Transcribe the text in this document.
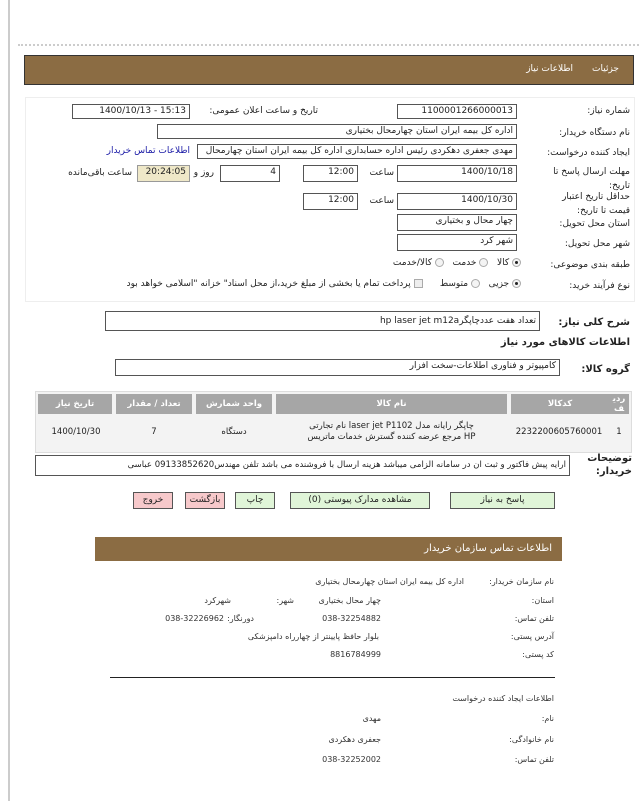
جزئیات
اطلاعات نیاز
شماره نیاز:
1100001266000013
تاریخ و ساعت اعلان عمومی:
1400/10/13 - 15:13
نام دستگاه خریدار:
اداره کل بیمه ایران استان چهارمحال بختیاری
ایجاد کننده درخواست:
مهدی جعفری دهکردی رئیس اداره حسابداری اداره کل بیمه ایران استان چهارمحال
اطلاعات تماس خریدار
مهلت ارسال پاسخ تا تاریخ:
1400/10/18
ساعت
12:00
4
روز و
20:24:05
ساعت باقی‌مانده
حداقل تاریخ اعتبار قیمت تا تاریخ:
1400/10/30
ساعت
12:00
استان محل تحویل:
چهار محال و بختیاری
شهر محل تحویل:
شهر کرد
طبقه بندی موضوعی:
کالا    خدمت    کالا/خدمت
نوع فرآیند خرید:
جزیی    متوسط       پرداخت تمام یا بخشی از مبلغ خرید،از محل اسناد" خزانه "اسلامی خواهد بود
شرح کلی نیاز:
تعداد هفت عددچاپگرhp laser jet m12a
اطلاعات کالاهای مورد نیاز
گروه کالا:
کامپیوتر و فناوری اطلاعات-سخت افزار
ردیف	کدکالا	نام کالا	واحد شمارش	تعداد / مقدار	تاریخ نیاز
1	2232200605760001	چاپگر رایانه مدل laser jet P1102 نام تجارتی HP مرجع عرضه کننده گسترش خدمات ماتریس	دستگاه	7	1400/10/30
توضیحات خریدار:
ارایه پیش فاکتور و ثبت ان در سامانه الزامی میباشد هزینه ارسال با فروشنده می باشد تلفن مهندس09133852620 عباسی
پاسخ به نیاز
مشاهده مدارک پیوستی (0)
چاپ
بازگشت
خروج
اطلاعات تماس سازمان خریدار
نام سازمان خریدار:
اداره کل بیمه ایران استان چهارمحال بختیاری
استان:
چهار محال بختیاری
شهر:
شهرکرد
تلفن تماس:
038-32254882
دورنگار:
038-32226962
آدرس پستی:
بلوار حافظ پایینتر از چهارراه دامپزشکی
کد پستی:
8816784999
اطلاعات ایجاد کننده درخواست
نام:
مهدی
نام خانوادگی:
جعفری دهکردی
تلفن تماس:
038-32252002
